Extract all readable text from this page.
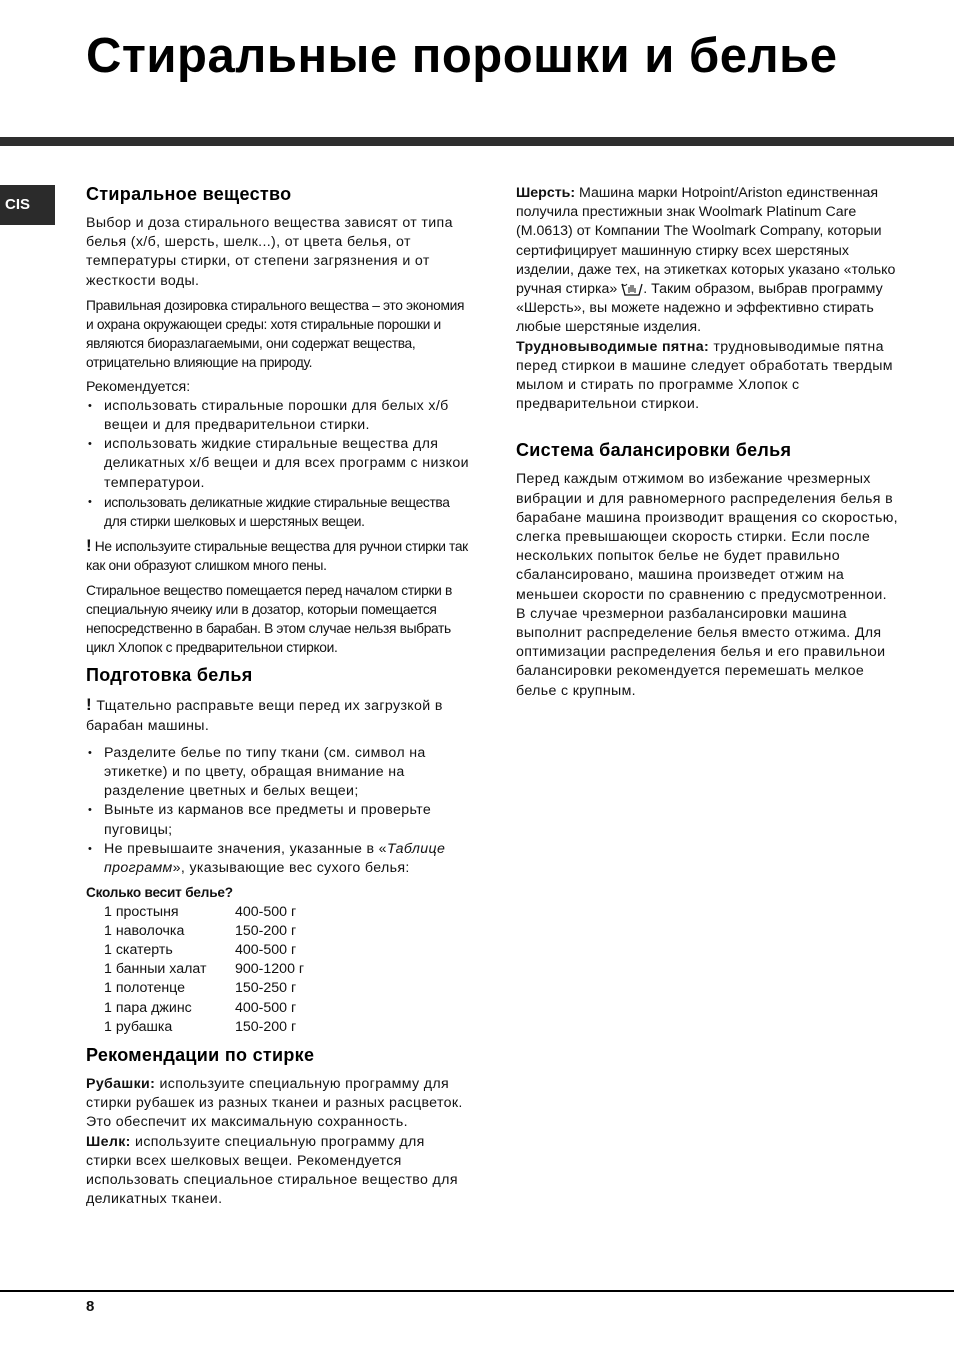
Стиральные порошки и белье
CIS
Стиральное вещество

Выбор и доза стирального вещества зависят от типа белья (х/б, шерсть, шелк...), от цвета белья, от температуры стирки, от степени загрязнения и от жесткости воды.

Правильная дозировка стирального вещества – это экономия и охрана окружающеи среды: хотя стиральные порошки и являются биоразлагаемыми, они содержат вещества, отрицательно влияющие на природу.

Рекомендуется:

• использовать стиральные порошки для белых х/б вещеи и для предварительнои стирки.
• использовать жидкие стиральные вещества для деликатных х/б вещеи и для всех программ с низкои температурои.
• использовать деликатные жидкие стиральные вещества для стирки шелковых и шерстяных вещеи.

! Не используите стиральные вещества для ручнои стирки так как они образуют слишком много пены.

Стиральное вещество помещается перед началом стирки в специальную ячеику или в дозатор, которыи помещается непосредственно в барабан. В этом случае нельзя выбрать цикл Хлопок с предварительнои стиркои.

Подготовка белья

! Тщательно расправьте вещи перед их загрузкой в барабан машины.

• Разделите белье по типу ткани (см. символ на этикетке) и по цвету, обращая внимание на разделение цветных и белых вещеи;
• Выньте из карманов все предметы и проверьте пуговицы;
• Не превышаите значения, указанные в «Таблице программ», указывающие вес сухого белья:
Сколько весит белье?
1 простыня	400-500 г
1 наволочка	150-200 г
1 скатерть	400-500 г
1 банныи халат	900-1200 г
1 полотенце	150-250 г
1 пара джинс	400-500 г
1 рубашка	150-200 г
Рекомендации по стирке

Рубашки: используите специальную программу для стирки рубашек из разных тканеи и разных расцветок. Это обеспечит их максимальную сохранность.

Шелк: используите специальную программу для стирки всех шелковых вещеи. Рекомендуется использовать специальное стиральное вещество для деликатных тканеи.

Шерсть: Машина марки Hotpoint/Ariston единственная получила престижныи знак Woolmark Platinum Care (M.0613) от Компании The Woolmark Company, которыи сертифицирует машинную стирку всех шерстяных изделии, даже тех, на этикетках которых указано «только ручная стирка» . Таким образом, выбрав программу «Шерсть», вы можете надежно и эффективно стирать любые шерстяные изделия.

Трудновыводимые пятна: трудновыводимые пятна перед стиркои в машине следует обработать твердым мылом и стирать по программе Хлопок с предварительнои стиркои.

Система балансировки белья

Перед каждым отжимом во избежание чрезмерных вибрации и для равномерного распределения белья в барабане машина производит вращения со скоростью, слегка превышающеи скорость стирки. Если после нескольких попыток белье не будет правильно сбалансировано, машина произведет отжим на меньшеи скорости по сравнению с предусмотреннои.

В случае чрезмернои разбалансировки машина выполнит распределение белья вместо отжима. Для оптимизации распределения белья и его правильнои балансировки рекомендуется перемешать мелкое белье с крупным.

8
